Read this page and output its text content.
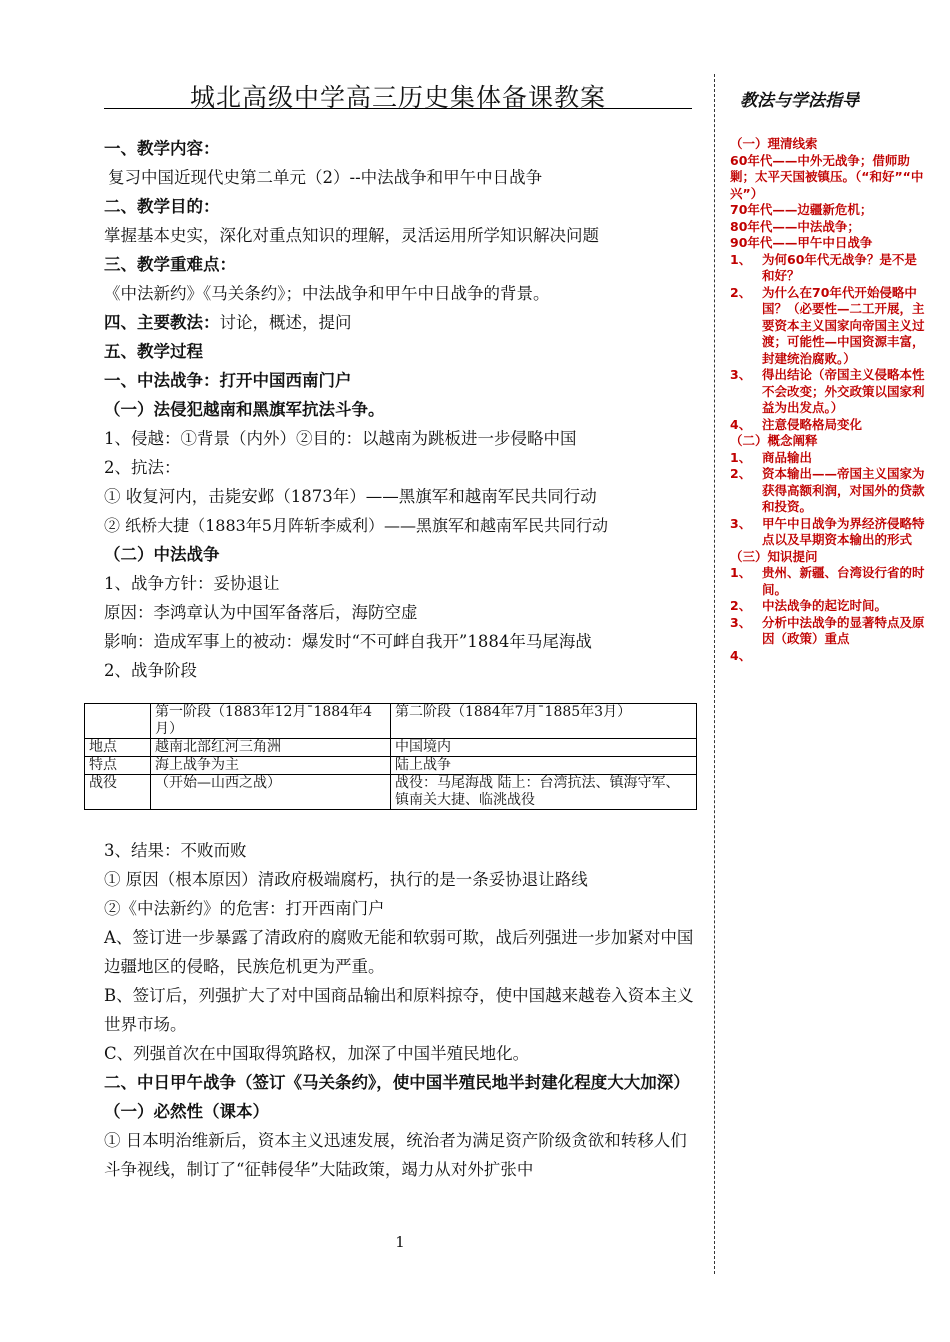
城北高级中学高三历史集体备课教案
一、教学内容：
复习中国近现代史第二单元（2）--中法战争和甲午中日战争
二、教学目的：
掌握基本史实，深化对重点知识的理解，灵活运用所学知识解决问题
三、教学重难点：
《中法新约》《马关条约》；中法战争和甲午中日战争的背景。
四、主要教法：讨论，概述，提问
五、教学过程
一、中法战争：打开中国西南门户
（一）法侵犯越南和黑旗军抗法斗争。
1、侵越：①背景（内外）②目的：以越南为跳板进一步侵略中国
2、抗法：
① 收复河内，击毙安邺（1873年）——黑旗军和越南军民共同行动
② 纸桥大捷（1883年5月阵斩李威利）——黑旗军和越南军民共同行动
（二）中法战争
1、战争方针：妥协退让
原因：李鸿章认为中国军备落后，海防空虚
影响：造成军事上的被动：爆发时“不可衅自我开”1884年马尾海战
2、战争阶段
	第一阶段（1883年12月¯1884年4月）	第二阶段（1884年7月¯1885年3月）
地点	越南北部红河三角洲	中国境内
特点	海上战争为主	陆上战争
战役	（开始—山西之战）	战役：马尾海战 陆上：台湾抗法、镇海守军、镇南关大捷、临洮战役
3、结果：不败而败
① 原因（根本原因）清政府极端腐朽，执行的是一条妥协退让路线
②《中法新约》的危害：打开西南门户
A、签订进一步暴露了清政府的腐败无能和软弱可欺，战后列强进一步加紧对中国边疆地区的侵略，民族危机更为严重。
B、签订后，列强扩大了对中国商品输出和原料掠夺，使中国越来越卷入资本主义世界市场。
C、列强首次在中国取得筑路权，加深了中国半殖民地化。
二、中日甲午战争（签订《马关条约》，使中国半殖民地半封建化程度大大加深）
（一）必然性（课本）
① 日本明治维新后，资本主义迅速发展，统治者为满足资产阶级贪欲和转移人们斗争视线，制订了“征韩侵华”大陆政策，竭力从对外扩张中
教法与学法指导
（一）理清线索
60年代——中外无战争；借师助剿；太平天国被镇压。（“和好”“中兴”）
70年代——边疆新危机；
80年代——中法战争；
90年代——甲午中日战争
1、 为何60年代无战争？是不是和好？
2、 为什么在70年代开始侵略中国？（必要性—二工开展，主要资本主义国家向帝国主义过渡；可能性—中国资源丰富，封建统治腐败。）
3、 得出结论（帝国主义侵略本性不会改变；外交政策以国家利益为出发点。）
4、 注意侵略格局变化
（二）概念阐释
1、 商品输出
2、 资本输出——帝国主义国家为获得高额利润，对国外的贷款和投资。
3、 甲午中日战争为界经济侵略特点以及早期资本输出的形式
（三）知识提问
1、 贵州、新疆、台湾设行省的时间。
2、 中法战争的起讫时间。
3、 分析中法战争的显著特点及原因（政策）重点
4、
1
